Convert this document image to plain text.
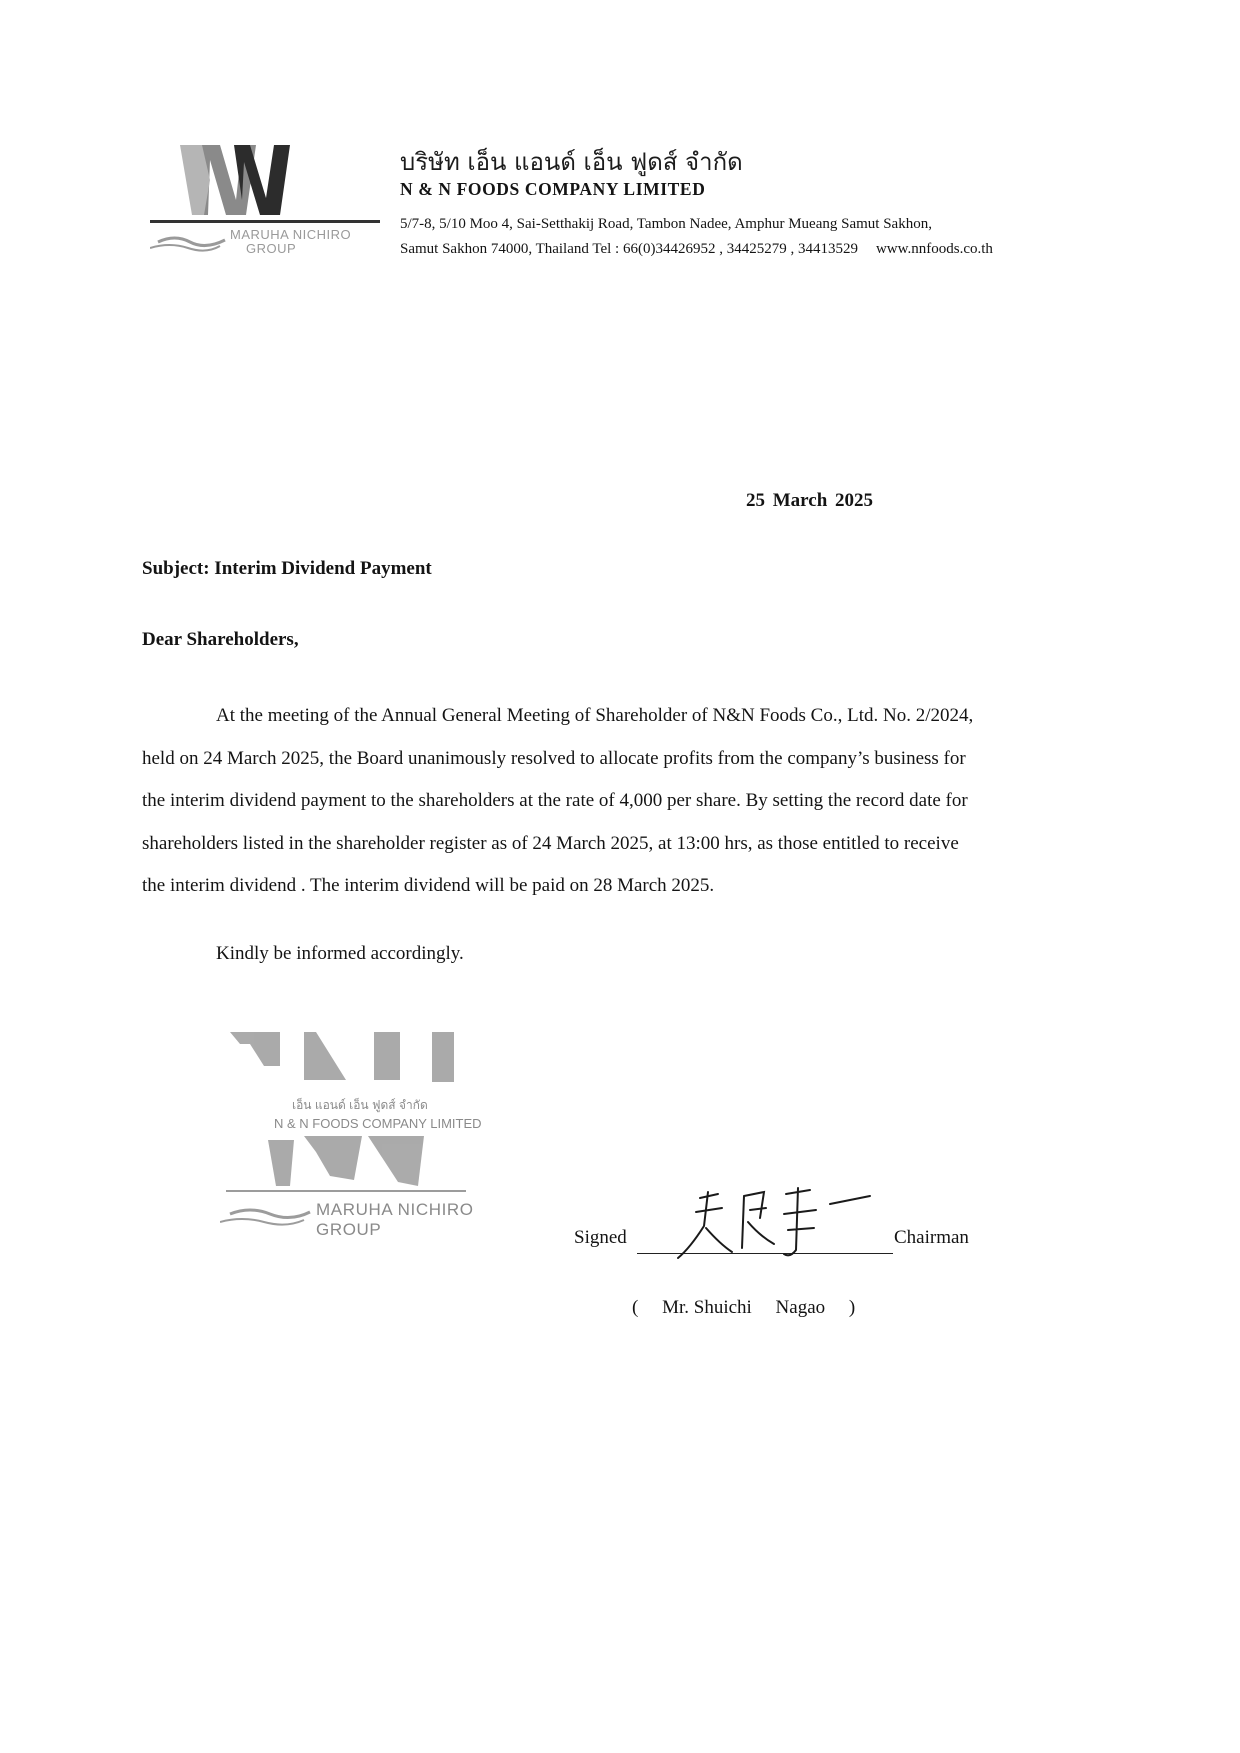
MARUHA NICHIRO
GROUP
บริษัท เอ็น แอนด์ เอ็น ฟูดส์ จำกัด
N & N FOODS COMPANY LIMITED
5/7-8, 5/10 Moo 4, Sai-Setthakij Road, Tambon Nadee, Amphur Mueang Samut Sakhon,
Samut Sakhon 74000, Thailand Tel : 66(0)34426952 , 34425279 , 34413529 www.nnfoods.co.th
25 March 2025
Subject: Interim Dividend Payment
Dear Shareholders,
At the meeting of the Annual General Meeting of Shareholder of N&N Foods Co., Ltd. No. 2/2024,
held on 24 March 2025, the Board unanimously resolved to allocate profits from the company’s business for
the interim dividend payment to the shareholders at the rate of 4,000 per share. By setting the record date for
shareholders listed in the shareholder register as of 24 March 2025, at 13:00 hrs, as those entitled to receive
the interim dividend . The interim dividend will be paid on 28 March 2025.
Kindly be informed accordingly.
เอ็น แอนด์ เอ็น ฟูดส์ จำกัด
N & N FOODS COMPANY LIMITED
MARUHA NICHIRO
GROUP	Signed	Chairman
(     Mr. Shuichi     Nagao     )
